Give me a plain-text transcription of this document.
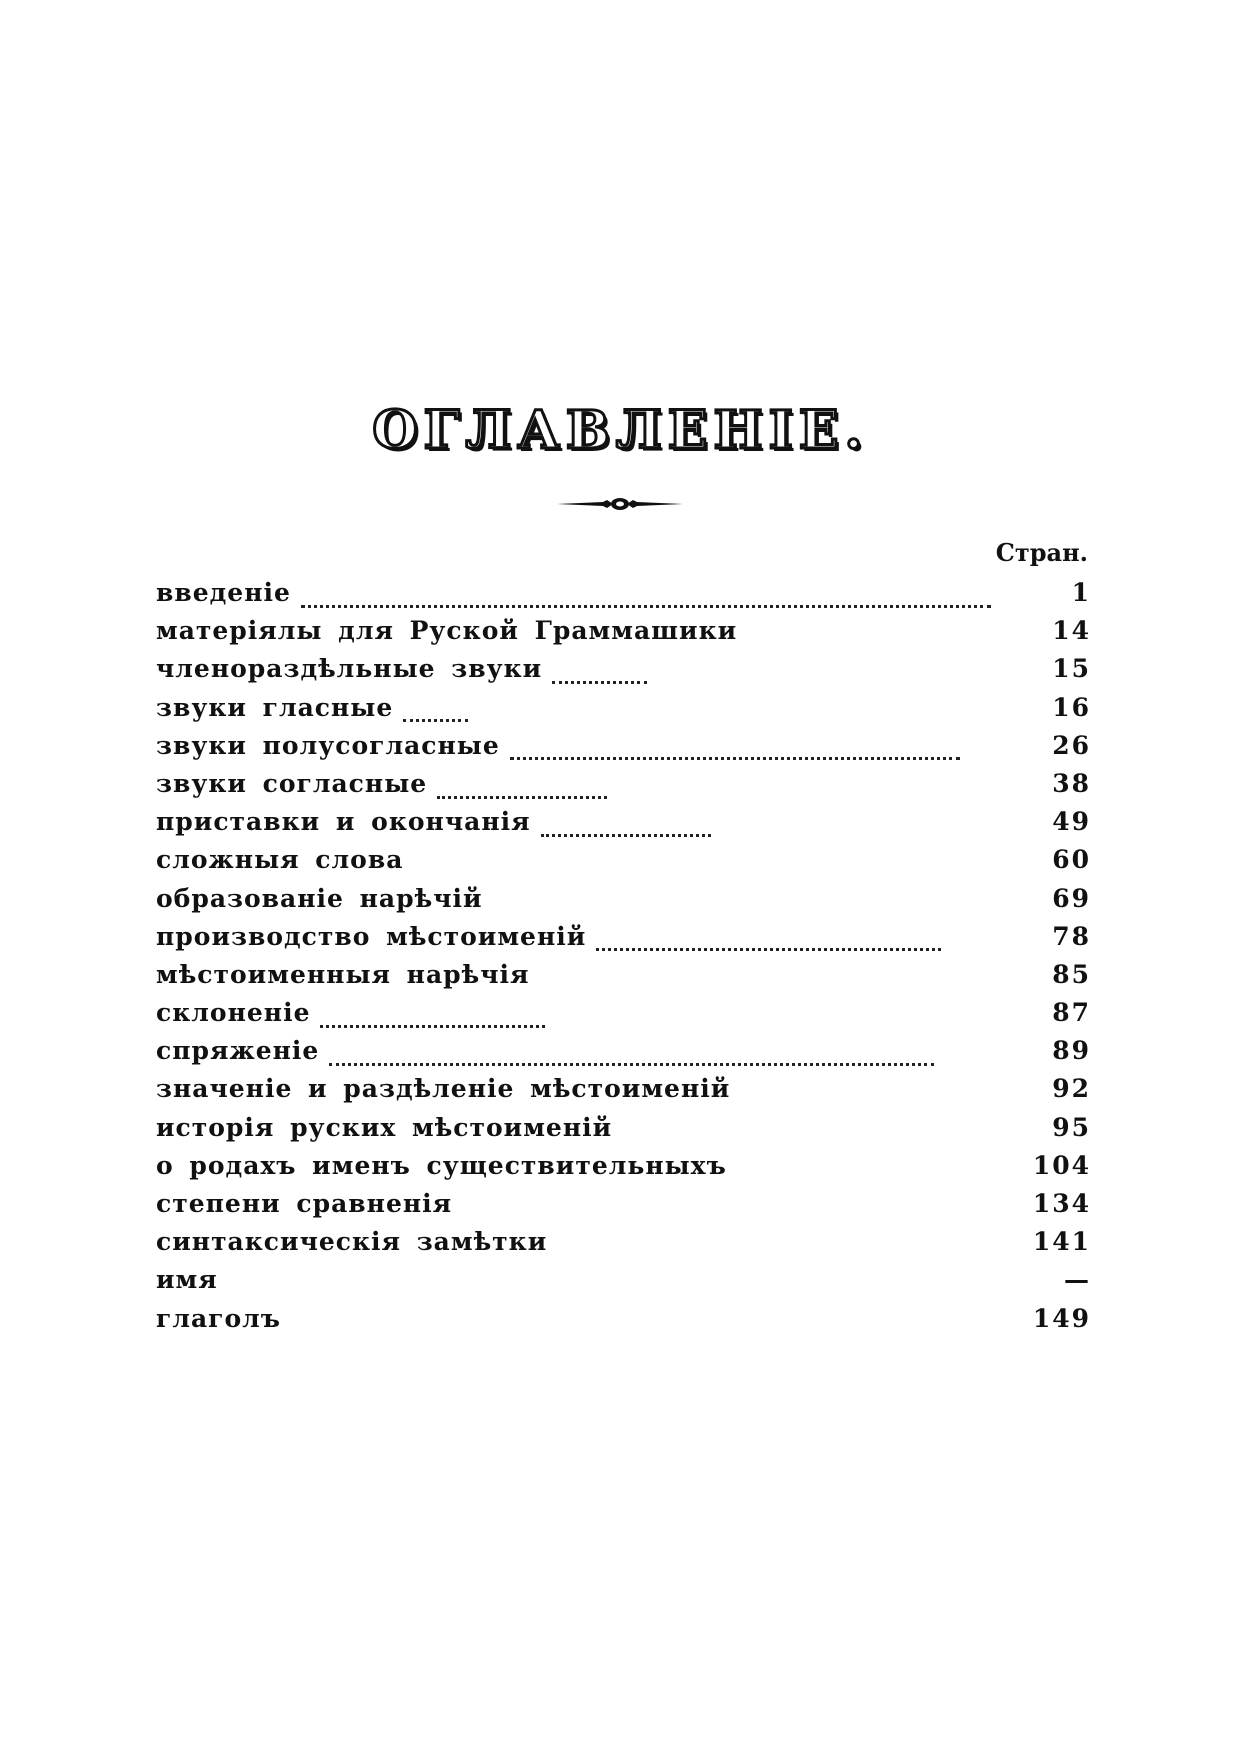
ОГЛАВЛЕНІЕ.
Стран.
введеніе	1
матеріялы для Руской Граммашики	14
членораздѣльные звуки	15
звуки гласные	16
звуки полусогласные	26
звуки согласные	38
приставки и окончанія	49
сложныя слова	60
образованіе нарѣчій	69
производство мѣстоименій	78
мѣстоименныя нарѣчія	85
склоненіе	87
спряженіе	89
значеніе и раздѣленіе мѣстоименій	92
исторія руских мѣстоименій	95
о родахъ именъ существительныхъ	104
степени сравненія	134
синтаксическія замѣтки	141
имя	—
глаголъ	149
